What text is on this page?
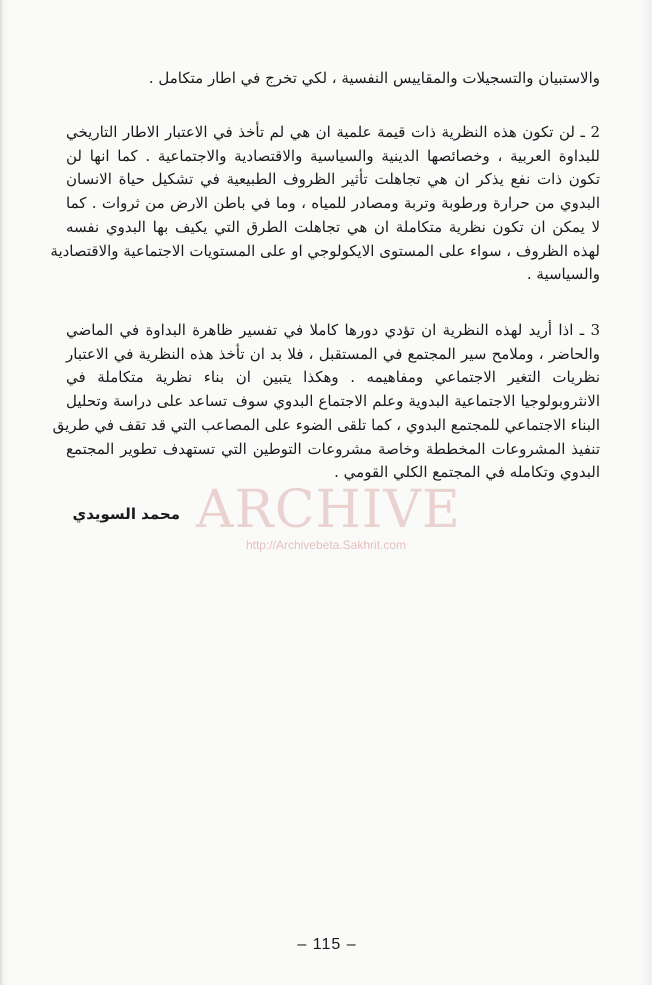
والاستبيان والتسجيلات والمقاييس النفسية ، لكي تخرج في اطار متكامل .
2 ـ لن تكون هذه النظرية ذات قيمة علمية ان هي لم تأخذ في الاعتبار الاطار التاريخي
للبداوة العربية ، وخصائصها الدينية والسياسية والاقتصادية والاجتماعية . كما انها لن
تكون ذات نفع يذكر ان هي تجاهلت تأثير الظروف الطبيعية في تشكيل حياة الانسان
البدوي من حرارة ورطوبة وتربة ومصادر للمياه ، وما في باطن الارض من ثروات . كما
لا يمكن ان تكون نظرية متكاملة ان هي تجاهلت الطرق التي يكيف بها البدوي نفسه
لهذه الظروف ، سواء على المستوى الايكولوجي او على المستويات الاجتماعية والاقتصادية
والسياسية .
3 ـ اذا أريد لهذه النظرية ان تؤدي دورها كاملا في تفسير ظاهرة البداوة في الماضي
والحاضر ، وملامح سير المجتمع في المستقبل ، فلا بد ان تأخذ هذه النظرية في الاعتبار
نظريات التغير الاجتماعي ومفاهيمه . وهكذا يتبين ان بناء نظرية متكاملة في
الانثروبولوجيا الاجتماعية البدوية وعلم الاجتماع البدوي سوف تساعد على دراسة وتحليل
البناء الاجتماعي للمجتمع البدوي ، كما تلقى الضوء على المصاعب التي قد تقف في طريق
تنفيذ المشروعات المخططة وخاصة مشروعات التوطين التي تستهدف تطوير المجتمع
البدوي وتكامله في المجتمع الكلي القومي .
ARCHIVE
http://Archivebeta.Sakhrit.com
محمد السويدي
– 115 –
